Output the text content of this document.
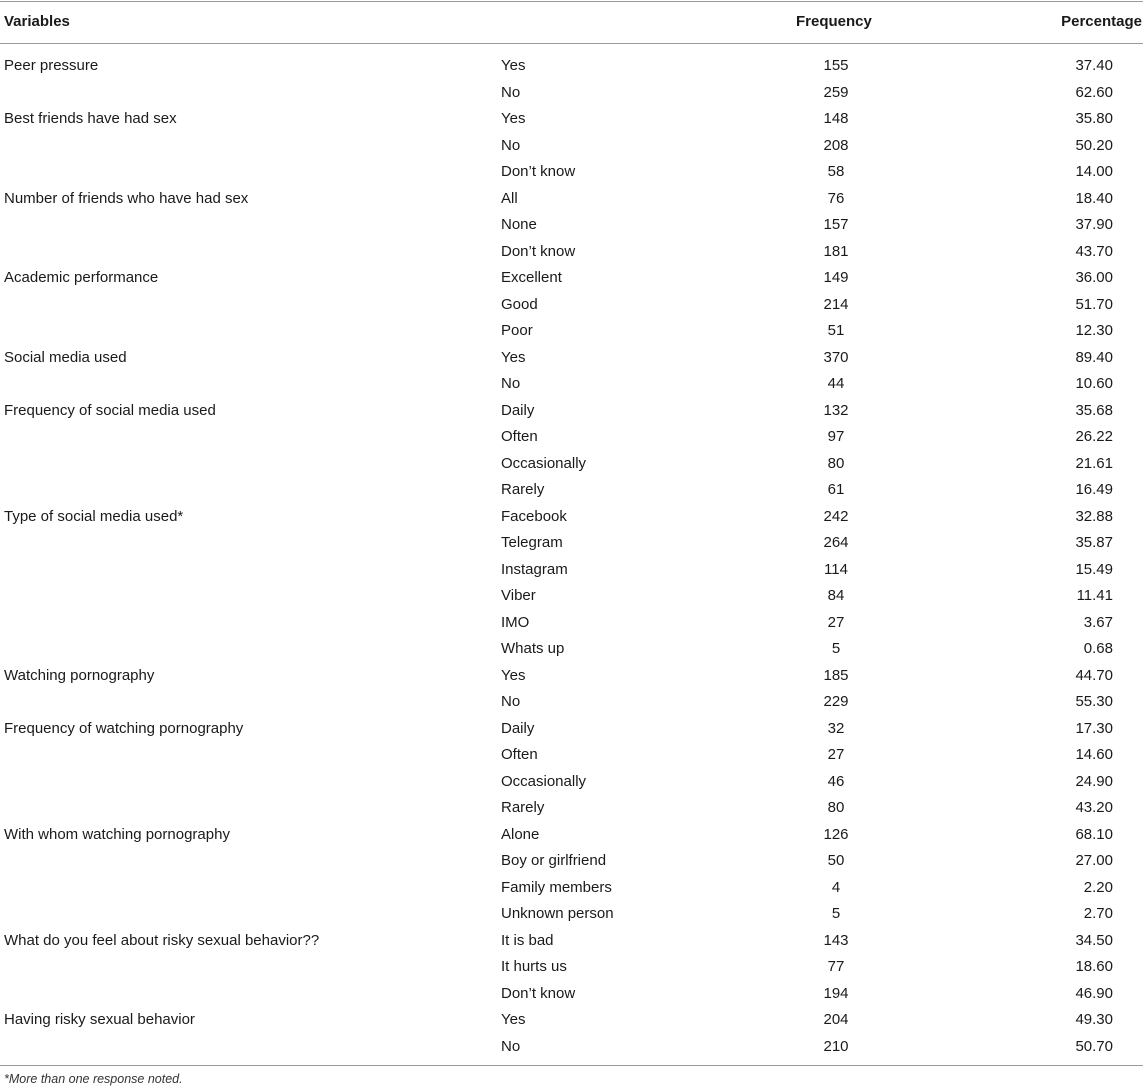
Variables	Frequency	Percentage
Peer pressure	Yes	155	37.40
No	259	62.60
Best friends have had sex	Yes	148	35.80
No	208	50.20
Don’t know	58	14.00
Number of friends who have had sex	All	76	18.40
None	157	37.90
Don’t know	181	43.70
Academic performance	Excellent	149	36.00
Good	214	51.70
Poor	51	12.30
Social media used	Yes	370	89.40
No	44	10.60
Frequency of social media used	Daily	132	35.68
Often	97	26.22
Occasionally	80	21.61
Rarely	61	16.49
Type of social media used*	Facebook	242	32.88
Telegram	264	35.87
Instagram	114	15.49
Viber	84	11.41
IMO	27	3.67
Whats up	5	0.68
Watching pornography	Yes	185	44.70
No	229	55.30
Frequency of watching pornography	Daily	32	17.30
Often	27	14.60
Occasionally	46	24.90
Rarely	80	43.20
With whom watching pornography	Alone	126	68.10
Boy or girlfriend	50	27.00
Family members	4	2.20
Unknown person	5	2.70
What do you feel about risky sexual behavior??	It is bad	143	34.50
It hurts us	77	18.60
Don’t know	194	46.90
Having risky sexual behavior	Yes	204	49.30
No	210	50.70
*More than one response noted.
